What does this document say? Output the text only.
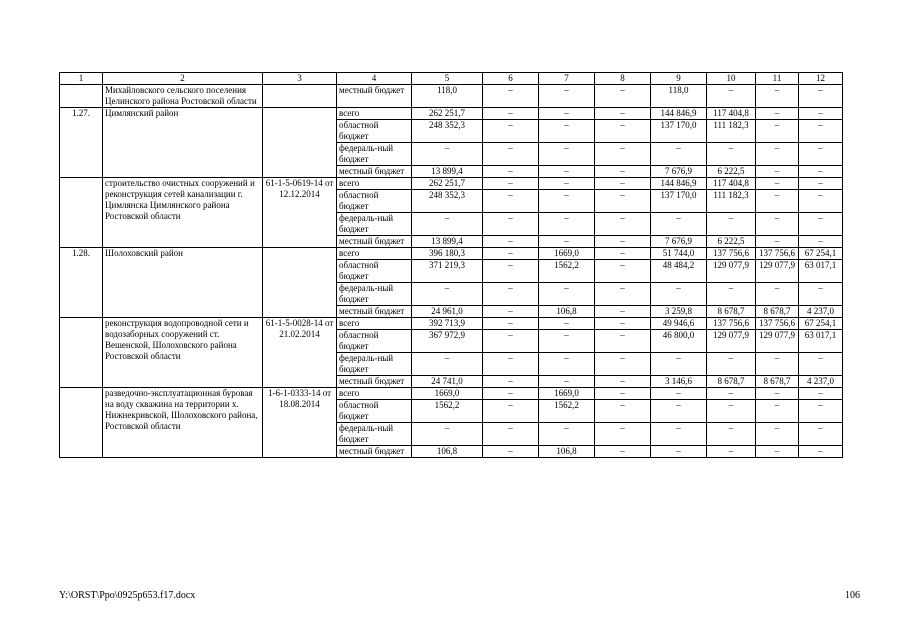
1	2	3	4	5	6	7	8	9	10	11	12
	Михайловского сельского поселения Целинского района Ростовской области		местный бюджет	118,0	–	–	–	118,0	–	–	–
1.27.	Цимлянский район		всего	262 251,7	–	–	–	144 846,9	117 404,8	–	–
			областной бюджет	248 352,3	–	–	–	137 170,0	111 182,3	–	–
			федераль-ный бюджет	–	–	–	–	–	–	–	–
			местный бюджет	13 899,4	–	–	–	7 676,9	6 222,5	–	–
	строительство очистных сооружений и реконструкция сетей канализации г. Цимлянска Цимлянского района Ростовской области	61-1-5-0619-14 от 12.12.2014	всего	262 251,7	–	–	–	144 846,9	117 404,8	–	–
			областной бюджет	248 352,3	–	–	–	137 170,0	111 182,3	–	–
			федераль-ный бюджет	–	–	–	–	–	–	–	–
			местный бюджет	13 899,4	–	–	–	7 676,9	6 222,5	–	–
1.28.	Шолоховский район		всего	396 180,3	–	1669,0	–	51 744,0	137 756,6	137 756,6	67 254,1
			областной бюджет	371 219,3	–	1562,2	–	48 484,2	129 077,9	129 077,9	63 017,1
			федераль-ный бюджет	–	–	–	–	–	–	–	–
			местный бюджет	24 961,0	–	106,8	–	3 259,8	8 678,7	8 678,7	4 237,0
	реконструкция водопроводной сети и водозаборных сооружений ст. Вешенской, Шолоховского района Ростовской области	61-1-5-0028-14 от 21.02.2014	всего	392 713,9	–	–	–	49 946,6	137 756,6	137 756,6	67 254,1
			областной бюджет	367 972,9	–	–	–	46 800,0	129 077,9	129 077,9	63 017,1
			федераль-ный бюджет	–	–	–	–	–	–	–	–
			местный бюджет	24 741,0	–	–	–	3 146,6	8 678,7	8 678,7	4 237,0
	разведочно-эксплуатационная буровая на воду скважина на территории х. Нижнекривской, Шолоховского района, Ростовской области	1-6-1-0333-14 от 18.08.2014	всего	1669,0	–	1669,0	–	–	–	–	–
			областной бюджет	1562,2	–	1562,2	–	–	–	–	–
			федераль-ный бюджет	–	–	–	–	–	–	–	–
			местный бюджет	106,8	–	106,8	–	–	–	–	–
Y:\ORST\Ppo\0925p653.f17.docx	106
